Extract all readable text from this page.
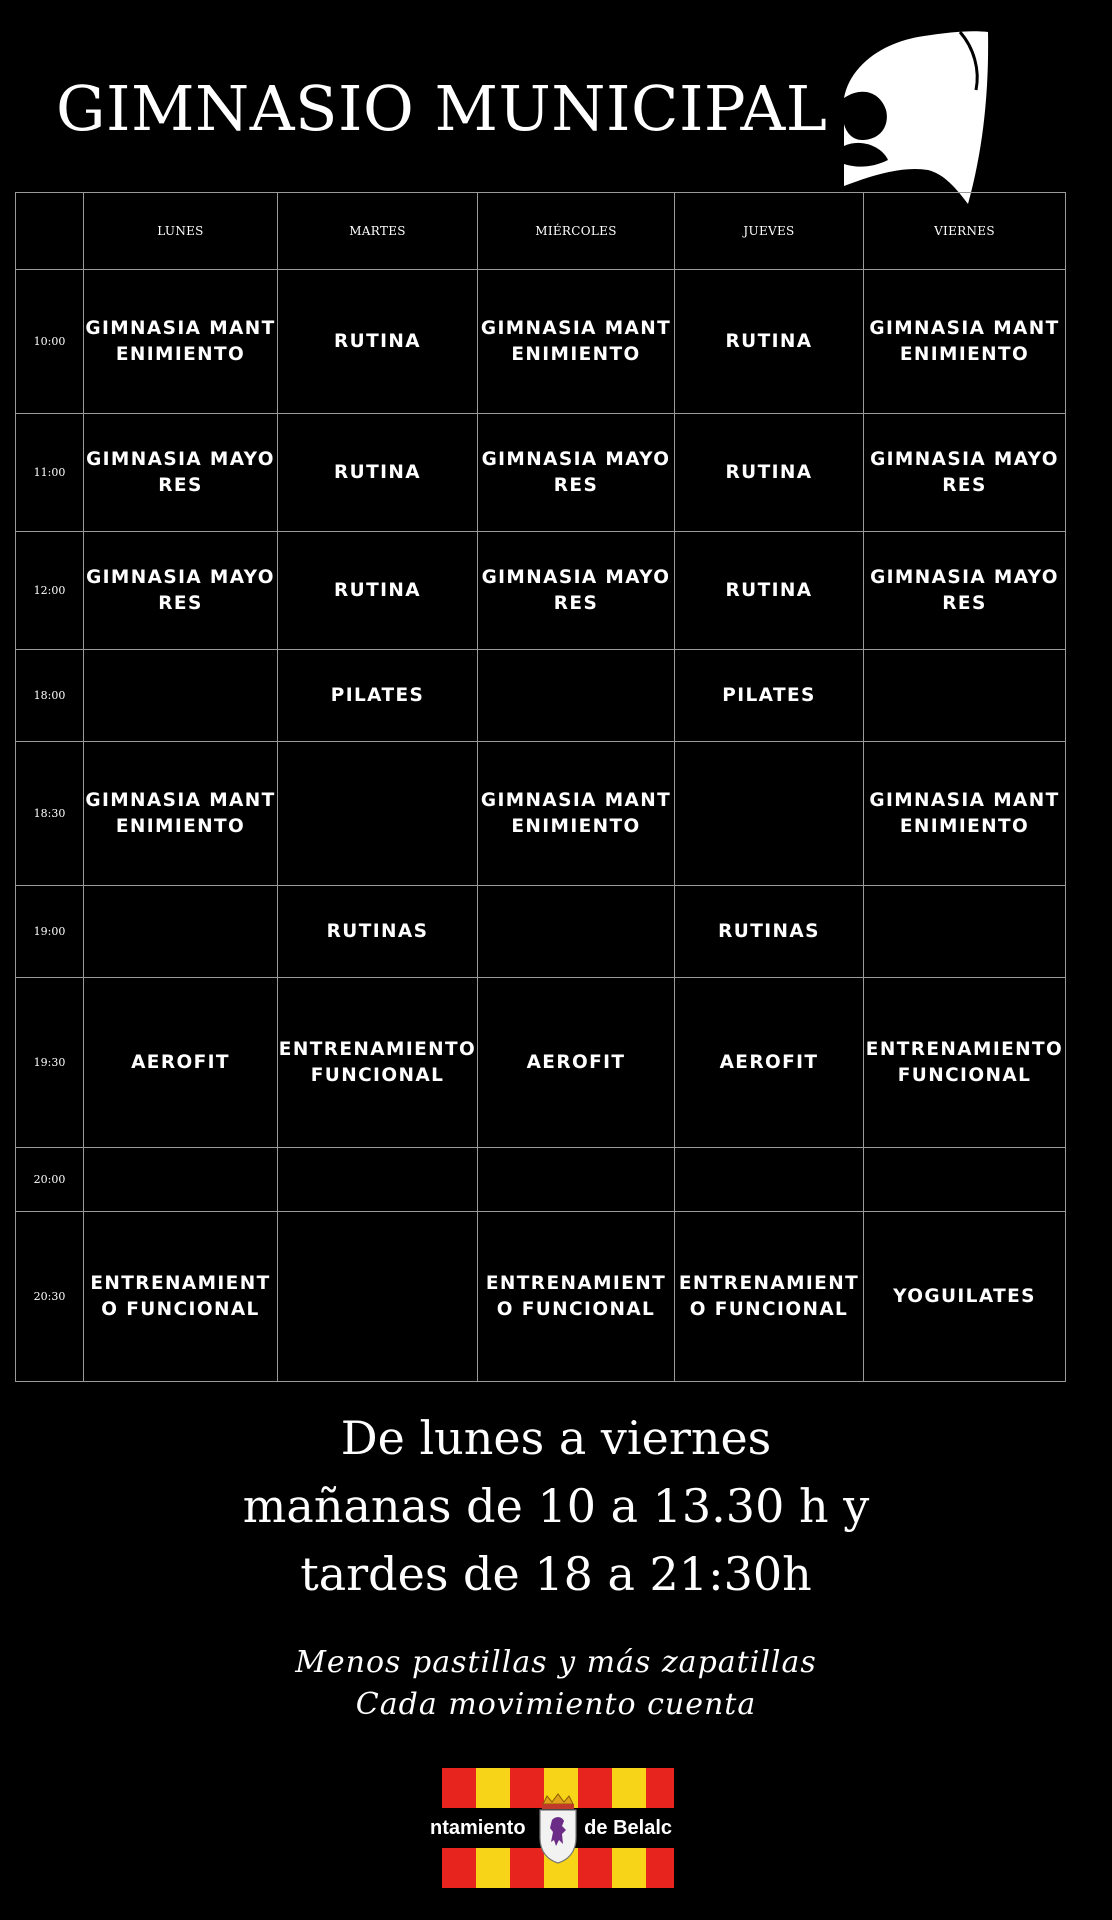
GIMNASIO MUNICIPAL
	LUNES	MARTES	MIÉRCOLES	JUEVES	VIERNES
10:00	GIMNASIA MANTENIMIENTO	RUTINA	GIMNASIA MANTENIMIENTO	RUTINA	GIMNASIA MANTENIMIENTO
11:00	GIMNASIA MAYORES	RUTINA	GIMNASIA MAYORES	RUTINA	GIMNASIA MAYORES
12:00	GIMNASIA MAYORES	RUTINA	GIMNASIA MAYORES	RUTINA	GIMNASIA MAYORES
18:00		PILATES		PILATES	
18:30	GIMNASIA MANTENIMIENTO		GIMNASIA MANTENIMIENTO		GIMNASIA MANTENIMIENTO
19:00		RUTINAS		RUTINAS	
19:30	AEROFIT	ENTRENAMIENTO FUNCIONAL	AEROFIT	AEROFIT	ENTRENAMIENTO FUNCIONAL
20:00					
20:30	ENTRENAMIENTO FUNCIONAL		ENTRENAMIENTO FUNCIONAL	ENTRENAMIENTO FUNCIONAL	YOGUILATES
De lunes a viernes
mañanas de 10 a 13.30 h y
tardes de 18 a 21:30h
Menos pastillas y más zapatillas
Cada movimiento cuenta
ntamiento	de Belalc
